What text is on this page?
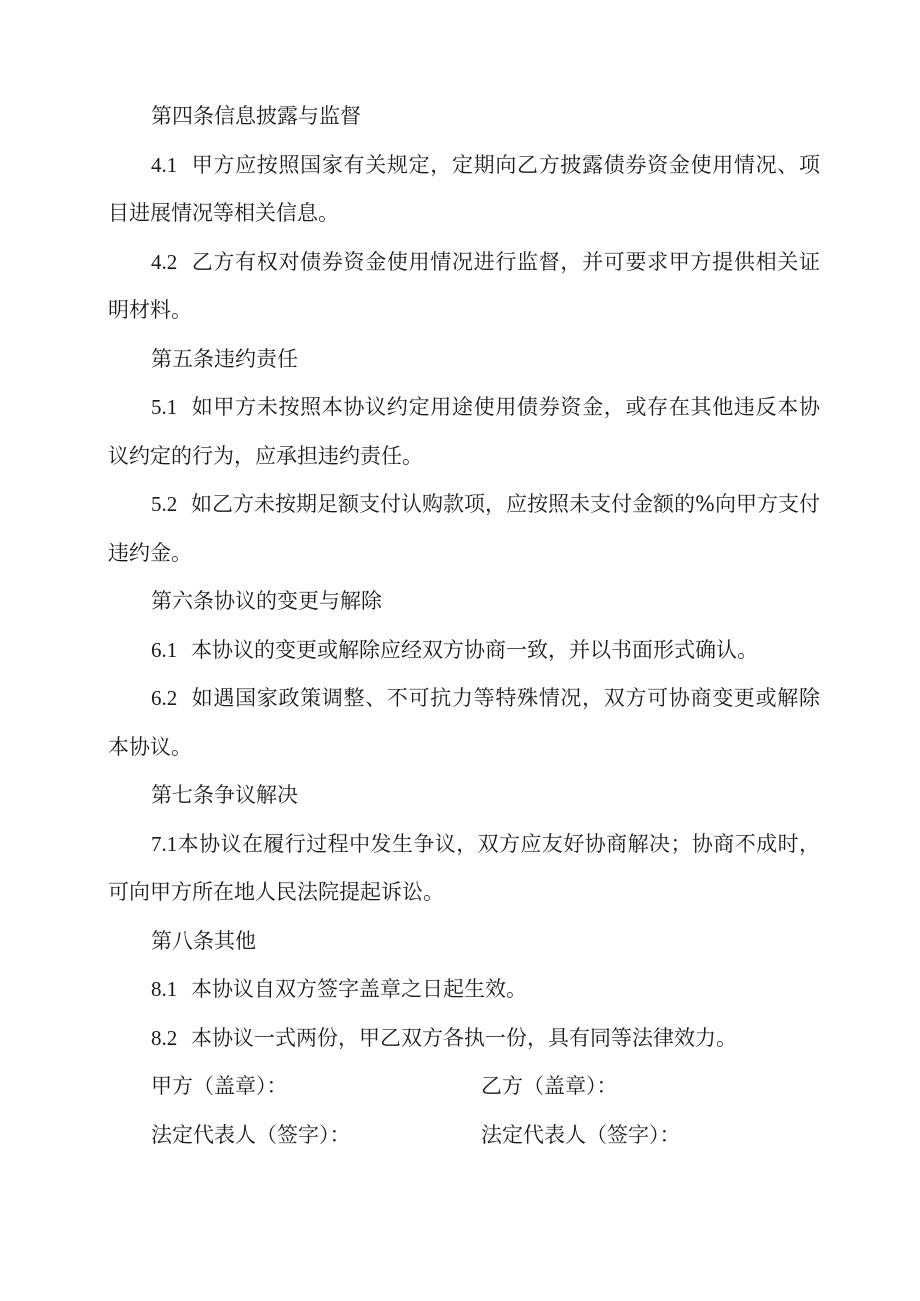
第四条信息披露与监督

4.1 甲方应按照国家有关规定，定期向乙方披露债券资金使用情况、项目进展情况等相关信息。

4.2 乙方有权对债券资金使用情况进行监督，并可要求甲方提供相关证明材料。

第五条违约责任

5.1 如甲方未按照本协议约定用途使用债券资金，或存在其他违反本协议约定的行为，应承担违约责任。

5.2 如乙方未按期足额支付认购款项，应按照未支付金额的%向甲方支付违约金。

第六条协议的变更与解除

6.1 本协议的变更或解除应经双方协商一致，并以书面形式确认。

6.2 如遇国家政策调整、不可抗力等特殊情况，双方可协商变更或解除本协议。

第七条争议解决

7.1本协议在履行过程中发生争议，双方应友好协商解决；协商不成时，可向甲方所在地人民法院提起诉讼。

第八条其他

8.1 本协议自双方签字盖章之日起生效。

8.2 本协议一式两份，甲乙双方各执一份，具有同等法律效力。

甲方（盖章）：	乙方（盖章）：
法定代表人（签字）：	法定代表人（签字）：
